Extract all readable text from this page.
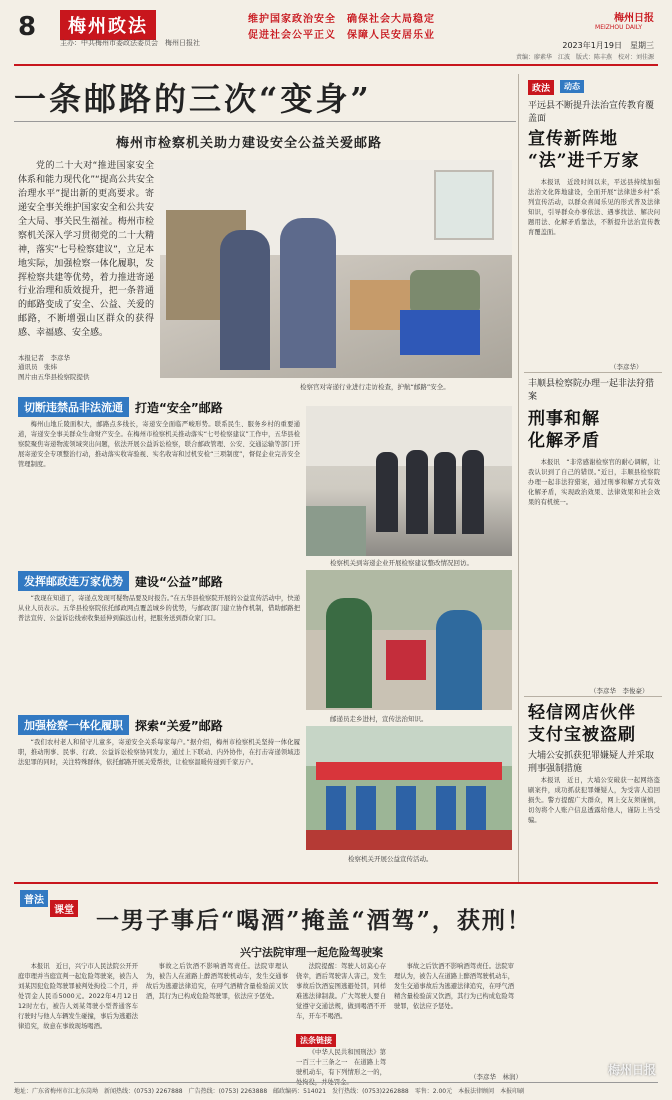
8	梅州政法	维护国家政治安全　确保社会大局稳定
促进社会公平正义　保障人民安居乐业
梅州日报
MEIZHOU DAILY
主办：中共梅州市委政法委员会　梅州日报社	2023年1月19日　星期三
责编：廖素华　江波　版式：陈丰燕　校对：刘佳源
一条邮路的三次“变身”
梅州市检察机关助力建设安全公益关爱邮路

党的二十大对“推进国家安全体系和能力现代化”“提高公共安全治理水平”提出新的更高要求。寄递安全事关维护国家安全和公共安全大局、事关民生福祉。梅州市检察机关深入学习贯彻党的二十大精神，落实“七号检察建议”，立足本地实际，加强检察一体化履职，发挥检察共建等优势，着力推进寄递行业治理和质效提升，把一条普通的邮路变成了安全、公益、关爱的邮路，不断增强山区群众的获得感、幸福感、安全感。

本报记者　李彦华
通讯员　张炜
图片由五华县检察院提供
检察官对寄递行业进行走访检查，护航“邮路”安全。
切断违禁品非法流通	打造“安全”邮路

梅州山地丘陵面积大，邮路点多线长，寄递安全面临严峻形势。联系民生、服务乡村的重要通道，寄递安全事关群众生命财产安全。在梅州市检察机关推动落实“七号检察建议”工作中，五华县检察院聚焦寄递物流领域突出问题，依法开展公益诉讼检察，联合邮政管理、公安、交通运输等部门开展寄递安全专项整治行动，推动落实收寄验视、实名收寄和过机安检“三项制度”，督促企业完善安全管理制度。

检察机关到寄递企业开展检察建议整改情况回访。
发挥邮政连万家优势	建设“公益”邮路

“我现在知道了，寄递点发现可疑物品要及时报告。”在五华县检察院开展的公益宣传活动中，快递从业人员表示。五华县检察院依托邮政网点覆盖城乡的优势，与邮政部门建立协作机制，借助邮路把普法宣传、公益诉讼线索收集延伸到偏远山村，把服务送到群众家门口。

邮递员走乡进村，宣传法治知识。
加强检察一体化履职	探索“关爱”邮路

“我们农村老人和留守儿童多，寄递安全关系每家每户。”据介绍，梅州市检察机关坚持一体化履职，推动刑事、民事、行政、公益诉讼检察协同发力，通过上下联动、内外协作，在打击寄递领域违法犯罪的同时，关注特殊群体，依托邮路开展关爱帮扶，让检察温暖传递到千家万户。

检察机关开展公益宣传活动。
政法	动态
平远县不断提升法治宣传教育覆盖面
宣传新阵地
“法”进千万家

本报讯　近段时间以来，平远县持续加强法治文化阵地建设，全面开展“法律进乡村”系列宣传活动，以群众喜闻乐见的形式普及法律知识，引导群众办事依法、遇事找法、解决问题用法、化解矛盾靠法，不断提升法治宣传教育覆盖面。

（李彦华）
丰顺县检察院办理一起非法狩猎案
刑事和解
化解矛盾

本报讯　“非常感谢检察官的耐心调解，让我认识到了自己的错误。”近日，丰顺县检察院办理一起非法狩猎案，通过刑事和解方式有效化解矛盾，实现政治效果、法律效果和社会效果的有机统一。

（李彦华　李俊豪）
轻信网店伙伴
支付宝被盗刷
大埔公安抓获犯罪嫌疑人并采取刑事强制措施

本报讯　近日，大埔公安破获一起网络盗刷案件，成功抓获犯罪嫌疑人，为受害人追回损失。警方提醒广大群众，网上交友须谨慎，切勿将个人账户信息透露给他人，谨防上当受骗。

普法
课堂 一男子事后“喝酒”掩盖“酒驾”，获刑！
兴宁法院审理一起危险驾驶案

本报讯　近日，兴宁市人民法院公开开庭审理并当庭宣判一起危险驾驶案，被告人刘某因犯危险驾驶罪被判处拘役二个月，并处罚金人民币5000元。2022年4月12日12时左右，被告人刘某驾驶小型普通客车行驶时与他人车辆发生碰撞，事后为逃避法律追究，故意在事故现场喝酒。

事故之后饮酒不影响酒驾责任。法院审理认为，被告人在道路上醉酒驾驶机动车，发生交通事故后为逃避法律追究，在呼气酒精含量检验前又饮酒，其行为已构成危险驾驶罪，依法应予惩处。

法院提醒：驾驶人切莫心存侥幸，酒后驾驶害人害己，发生事故后饮酒妄图逃避处罚，同样难逃法律制裁。广大驾驶人要自觉遵守交通法规，做到喝酒不开车，开车不喝酒。

法条链接

《中华人民共和国刑法》第一百三十三条之一　在道路上驾驶机动车，有下列情形之一的，处拘役，并处罚金。

事故之后饮酒不影响酒驾责任。法院审理认为，被告人在道路上醉酒驾驶机动车，发生交通事故后为逃避法律追究，在呼气酒精含量检验前又饮酒，其行为已构成危险驾驶罪，依法应予惩处。

（李彦华　林润）
地址：广东省梅州市江北东岗坳　新闻热线：(0753) 2267888　广告热线：(0753) 2263888　邮政编码：514021　发行热线：(0753)2262888　零售：2.00元　本报法律顾问　本报印刷
梅州日报
